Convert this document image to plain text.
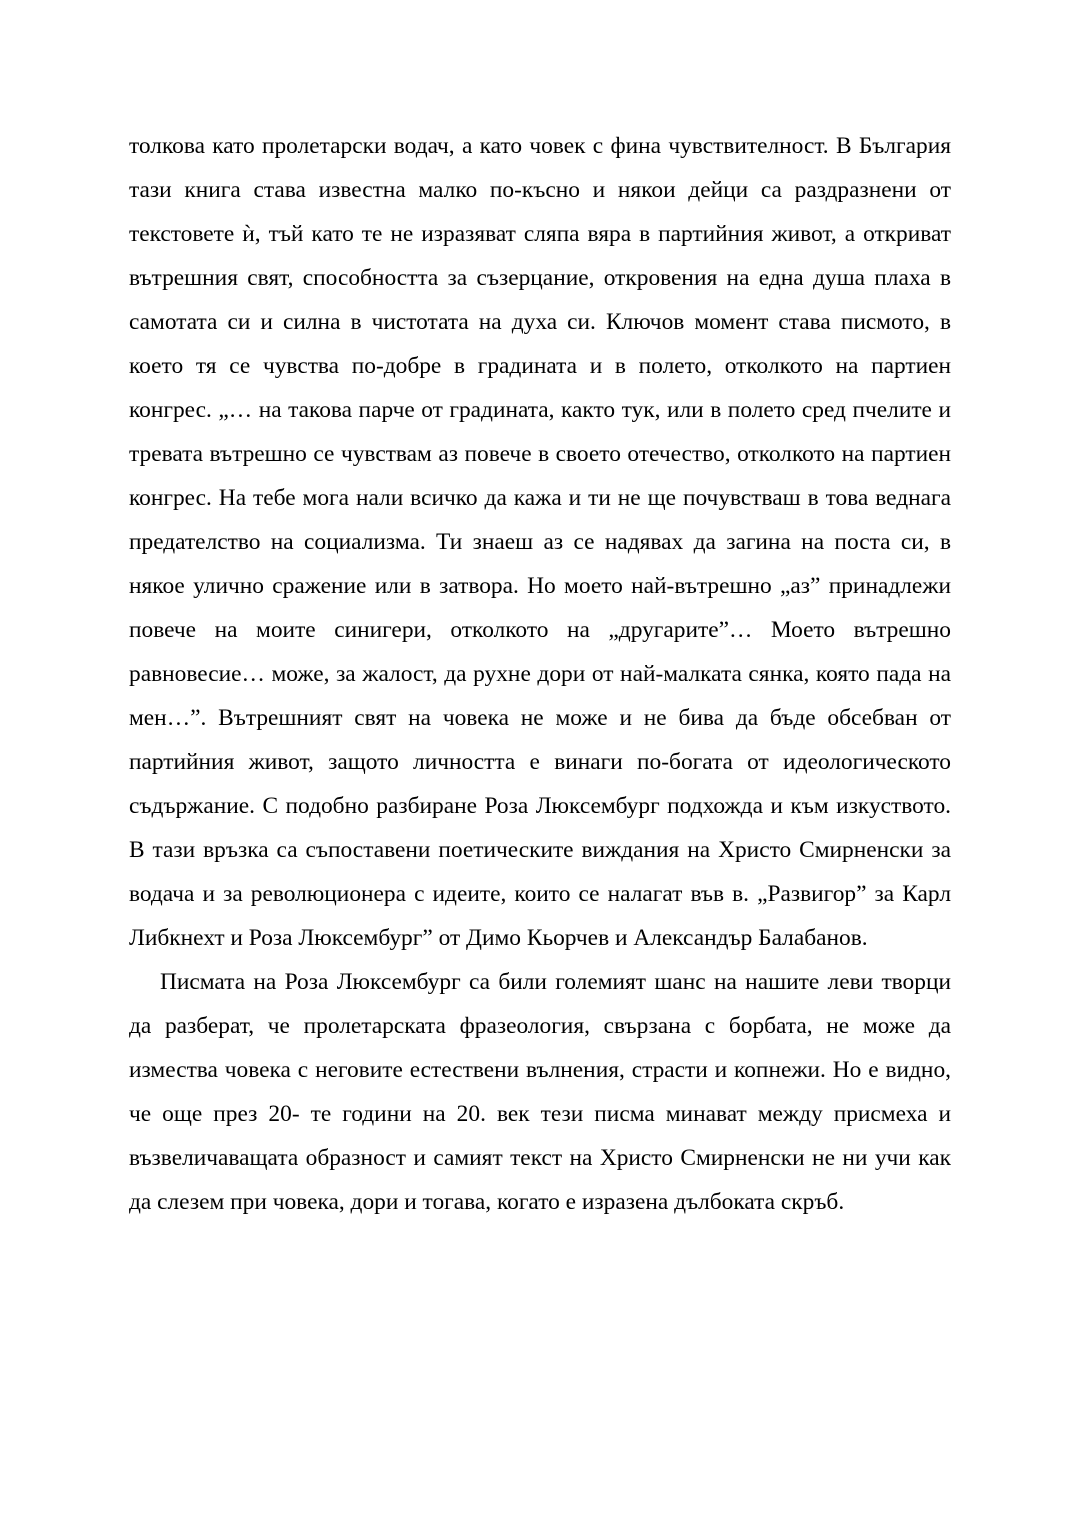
толкова като пролетарски водач, а като човек с фина чувствителност. В България тази книга става известна малко по-късно и някои дейци са раздразнени от текстовете ѝ, тъй като те не изразяват сляпа вяра в партийния живот, а откриват вътрешния свят, способността за съзерцание, откровения на една душа плаха в самотата си и силна в чистотата на духа си. Ключов момент става писмото, в което тя се чувства по-добре в градината и в полето, отколкото на партиен конгрес. „… на такова парче от градината, както тук, или в полето сред пчелите и тревата вътрешно се чувствам аз повече в своето отечество, отколкото на партиен конгрес. На тебе мога нали всичко да кажа и ти не ще почувстваш в това веднага предателство на социализма. Ти знаеш аз се надявах да загина на поста си, в някое улично сражение или в затвора. Но моето най-вътрешно „аз” принадлежи повече на моите синигери, отколкото на „другарите”… Моето вътрешно равновесие… може, за жалост, да рухне дори от най-малката сянка, която пада на мен…”. Вътрешният свят на човека не може и не бива да бъде обсебван от партийния живот, защото личността е винаги по-богата от идеологическото съдържание. С подобно разбиране Роза Люксембург подхожда и към изкуството. В тази връзка са съпоставени поетическите виждания на Христо Смирненски за водача и за революционера с идеите, които се налагат във в. „Развигор” за Карл Либкнехт и Роза Люксембург” от Димо Кьорчев и Александър Балабанов.

Писмата на Роза Люксембург са били големият шанс на нашите леви творци да разберат, че пролетарската фразеология, свързана с борбата, не може да измества човека с неговите естествени вълнения, страсти и копнежи. Но е видно, че още през 20- те години на 20. век тези писма минават между присмеха и възвеличаващата образност и самият текст на Христо Смирненски не ни учи как да слезем при човека, дори и тогава, когато е изразена дълбоката скръб.
